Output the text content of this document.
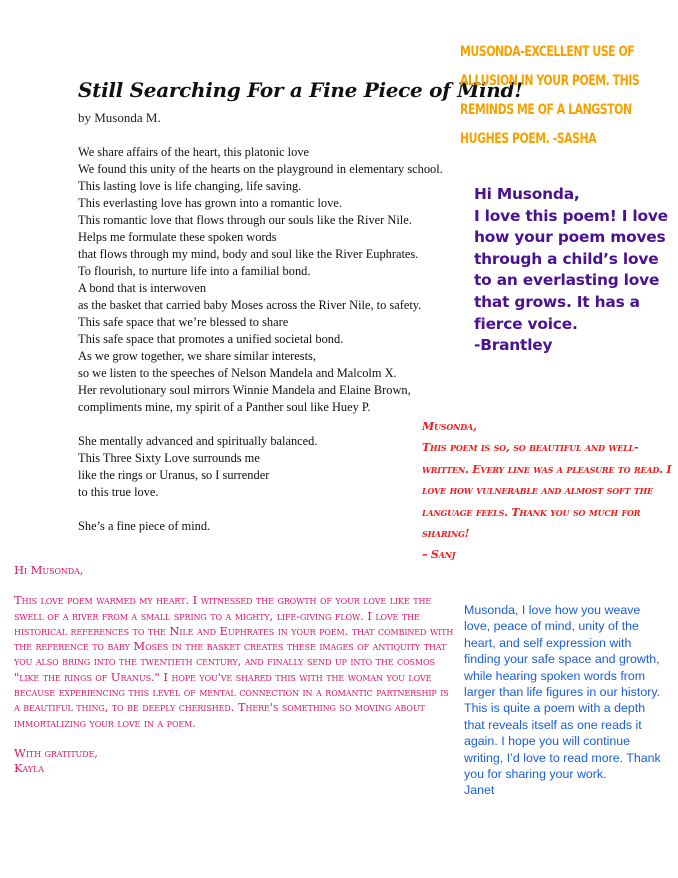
Still Searching For a Fine Piece of Mind!
by Musonda M.
We share affairs of the heart, this platonic love
We found this unity of the hearts on the playground in elementary school.
This lasting love is life changing, life saving.
This everlasting love has grown into a romantic love.
This romantic love that flows through our souls like the River Nile.
Helps me formulate these spoken words
that flows through my mind, body and soul like the River Euphrates.
To flourish, to nurture life into a familial bond.
A bond that is interwoven
as the basket that carried baby Moses across the River Nile, to safety.
This safe space that we’re blessed to share
This safe space that promotes a unified societal bond.
As we grow together, we share similar interests,
so we listen to the speeches of Nelson Mandela and Malcolm X.
Her revolutionary soul mirrors Winnie Mandela and Elaine Brown,
compliments mine, my spirit of a Panther soul like Huey P.
She mentally advanced and spiritually balanced.
This Three Sixty Love surrounds me
like the rings or Uranus, so I surrender
to this true love.
She’s a fine piece of mind.
MUSONDA-EXCELLENT USE OF ALLUSION IN YOUR POEM. THIS REMINDS ME OF A LANGSTON HUGHES POEM. -SASHA
Hi Musonda,
I love this poem! I love how your poem moves through a child’s love to an everlasting love that grows. It has a fierce voice.
-Brantley
Musonda,
This poem is so, so beautiful and well-written. Every line was a pleasure to read. I love how vulnerable and almost soft the language feels. Thank you so much for sharing!
– Sanj

Hi Musonda,

This love poem warmed my heart. I witnessed the growth of your love like the swell of a river from a small spring to a mighty, life-giving flow. I love the historical references to the Nile and Euphrates in your poem. that combined with the reference to baby Moses in the basket creates these images of antiquity that you also bring into the twentieth century, and finally send up into the cosmos "like the rings of Uranus." I hope you've shared this with the woman you love because experiencing this level of mental connection in a romantic partnership is a beautiful thing, to be deeply cherished. There's something so moving about immortalizing your love in a poem.

With gratitude,
Kayla
Musonda, I love how you weave love, peace of mind, unity of the heart, and self expression with finding your safe space and growth, while hearing spoken words from larger than life figures in our history. This is quite a poem with a depth that reveals itself as one reads it again. I hope you will continue writing, I’d love to read more. Thank you for sharing your work.
Janet
